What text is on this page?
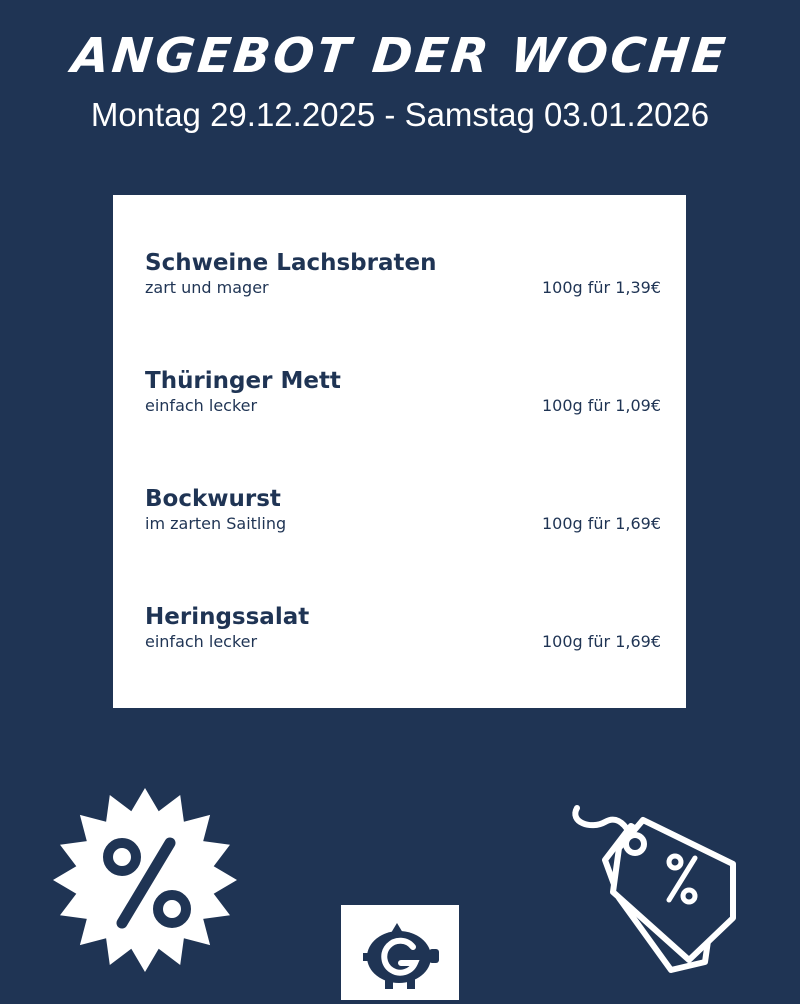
ANGEBOT DER WOCHE
Montag 29.12.2025 - Samstag 03.01.2026
Schweine Lachsbraten
zart und mager	100g für 1,39€
Thüringer Mett
einfach lecker	100g für 1,09€
Bockwurst
im zarten Saitling	100g für 1,69€
Heringssalat
einfach lecker	100g für 1,69€
